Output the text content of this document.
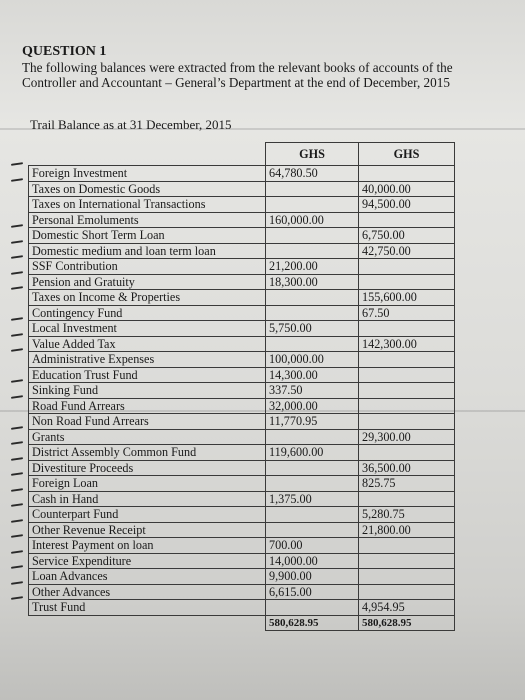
QUESTION 1
The following balances were extracted from the relevant books of accounts of the Controller and Accountant – General’s Department at the end of December, 2015
Trail Balance as at 31 December, 2015
	GHS	GHS
Foreign Investment	64,780.50	
Taxes on Domestic Goods		40,000.00
Taxes on International Transactions		94,500.00
Personal Emoluments	160,000.00	
Domestic Short Term Loan		6,750.00
Domestic medium and loan term loan		42,750.00
SSF Contribution	21,200.00	
Pension and Gratuity	18,300.00	
Taxes on Income & Properties		155,600.00
Contingency Fund		67.50
Local Investment	5,750.00	
Value Added Tax		142,300.00
Administrative Expenses	100,000.00	
Education Trust Fund	14,300.00	
Sinking Fund	337.50	
Road Fund Arrears	32,000.00	
Non Road Fund Arrears	11,770.95	
Grants		29,300.00
District Assembly Common Fund	119,600.00	
Divestiture Proceeds		36,500.00
Foreign Loan		825.75
Cash in Hand	1,375.00	
Counterpart Fund		5,280.75
Other Revenue Receipt		21,800.00
Interest Payment on loan	700.00	
Service Expenditure	14,000.00	
Loan Advances	9,900.00	
Other Advances	6,615.00	
Trust Fund		4,954.95
	580,628.95	580,628.95
